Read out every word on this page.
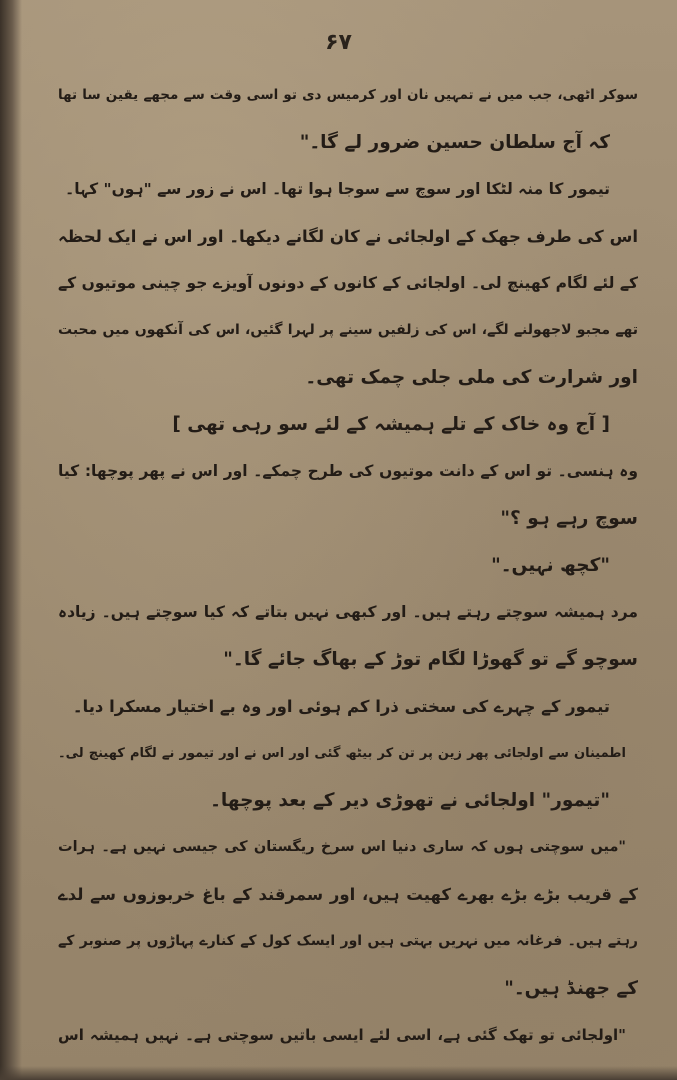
۶۷
سوکر اٹھی، جب میں نے تمہیں نان اور کرمیس دی تو اسی وقت سے مجھے یقین سا تھا
کہ آج سلطان حسین ضرور لے گا۔"
تیمور کا منہ لٹکا اور سوچ سے سوجا ہوا تھا۔ اس نے زور سے "ہوں" کہا۔
اس کی طرف جھک کے اولجائی نے کان لگانے دیکھا۔ اور اس نے ایک لحظہ
کے لئے لگام کھینچ لی۔ اولجائی کے کانوں کے دونوں آویزے جو چینی موتیوں کے
تھے مجبو لاجھولنے لگے، اس کی زلفیں سینے پر لہرا گئیں، اس کی آنکھوں میں محبت
اور شرارت کی ملی جلی چمک تھی۔
[ آج وہ خاک کے تلے ہمیشہ کے لئے سو رہی تھی ]
وہ ہنسی۔ تو اس کے دانت موتیوں کی طرح چمکے۔ اور اس نے پھر پوچھا: کیا
سوچ رہے ہو ؟"
"کچھ نہیں۔"
مرد ہمیشہ سوچتے رہتے ہیں۔ اور کبھی نہیں بتاتے کہ کیا سوچتے ہیں۔ زیادہ
سوچو گے تو گھوڑا لگام توڑ کے بھاگ جائے گا۔"
تیمور کے چہرے کی سختی ذرا کم ہوئی اور وہ بے اختیار مسکرا دیا۔
اطمینان سے اولجائی پھر زین پر تن کر بیٹھ گئی اور اس نے اور تیمور نے لگام کھینچ لی۔
"تیمور" اولجائی نے تھوڑی دیر کے بعد پوچھا۔
"میں سوچتی ہوں کہ ساری دنیا اس سرخ ریگستان کی جیسی نہیں ہے۔ ہرات
کے قریب بڑے بڑے بھرے کھیت ہیں، اور سمرقند کے باغ خربوزوں سے لدے
رہتے ہیں۔ فرغانہ میں نہریں بہتی ہیں اور ایسک کول کے کنارے پہاڑوں پر صنوبر کے
کے جھنڈ ہیں۔"
"اولجائی تو تھک گئی ہے، اسی لئے ایسی باتیں سوچتی ہے۔ نہیں ہمیشہ اس
